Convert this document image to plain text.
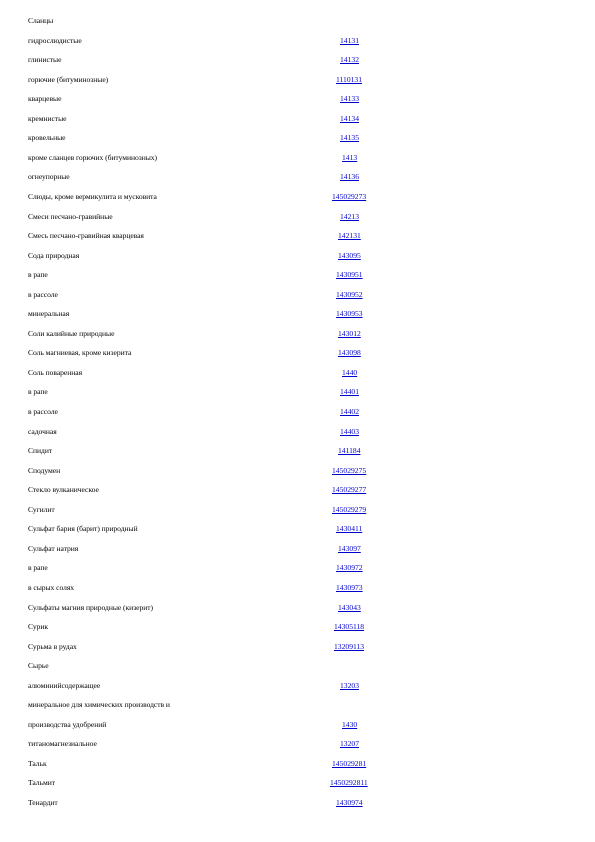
Сланцы
гидрослюдистые	14131
глинистые	14132
горючие (битуминозные)	1110131
кварцевые	14133
кремнистые	14134
кровельные	14135
кроме сланцев горючих (битуминозных)	1413
огнеупорные	14136
Слюды, кроме вермикулита и мусковита	145029273
Смеси песчано-гравийные	14213
Смесь песчано-гравийная кварцевая	142131
Сода природная	143095
в рапе	1430951
в рассоле	1430952
минеральная	1430953
Соли калийные природные	143012
Соль магниевая, кроме кизерита	143098
Соль поваренная	1440
в рапе	14401
в рассоле	14402
садочная	14403
Спидит	141184
Сподумен	145029275
Стекло вулканическое	145029277
Сугилит	145029279
Сульфат бария (барит) природный	1430411
Сульфат натрия	143097
в рапе	1430972
в сырых солях	1430973
Сульфаты магния природные (кизерит)	143043
Сурик	14305118
Сурьма в рудах	13209113
Сырье
алюминийсодержащее	13203
минеральное для химических производств и
производства удобрений	1430
титаномагнезиальное	13207
Тальк	145029281
Тальмит	1450292811
Тенардит	1430974
